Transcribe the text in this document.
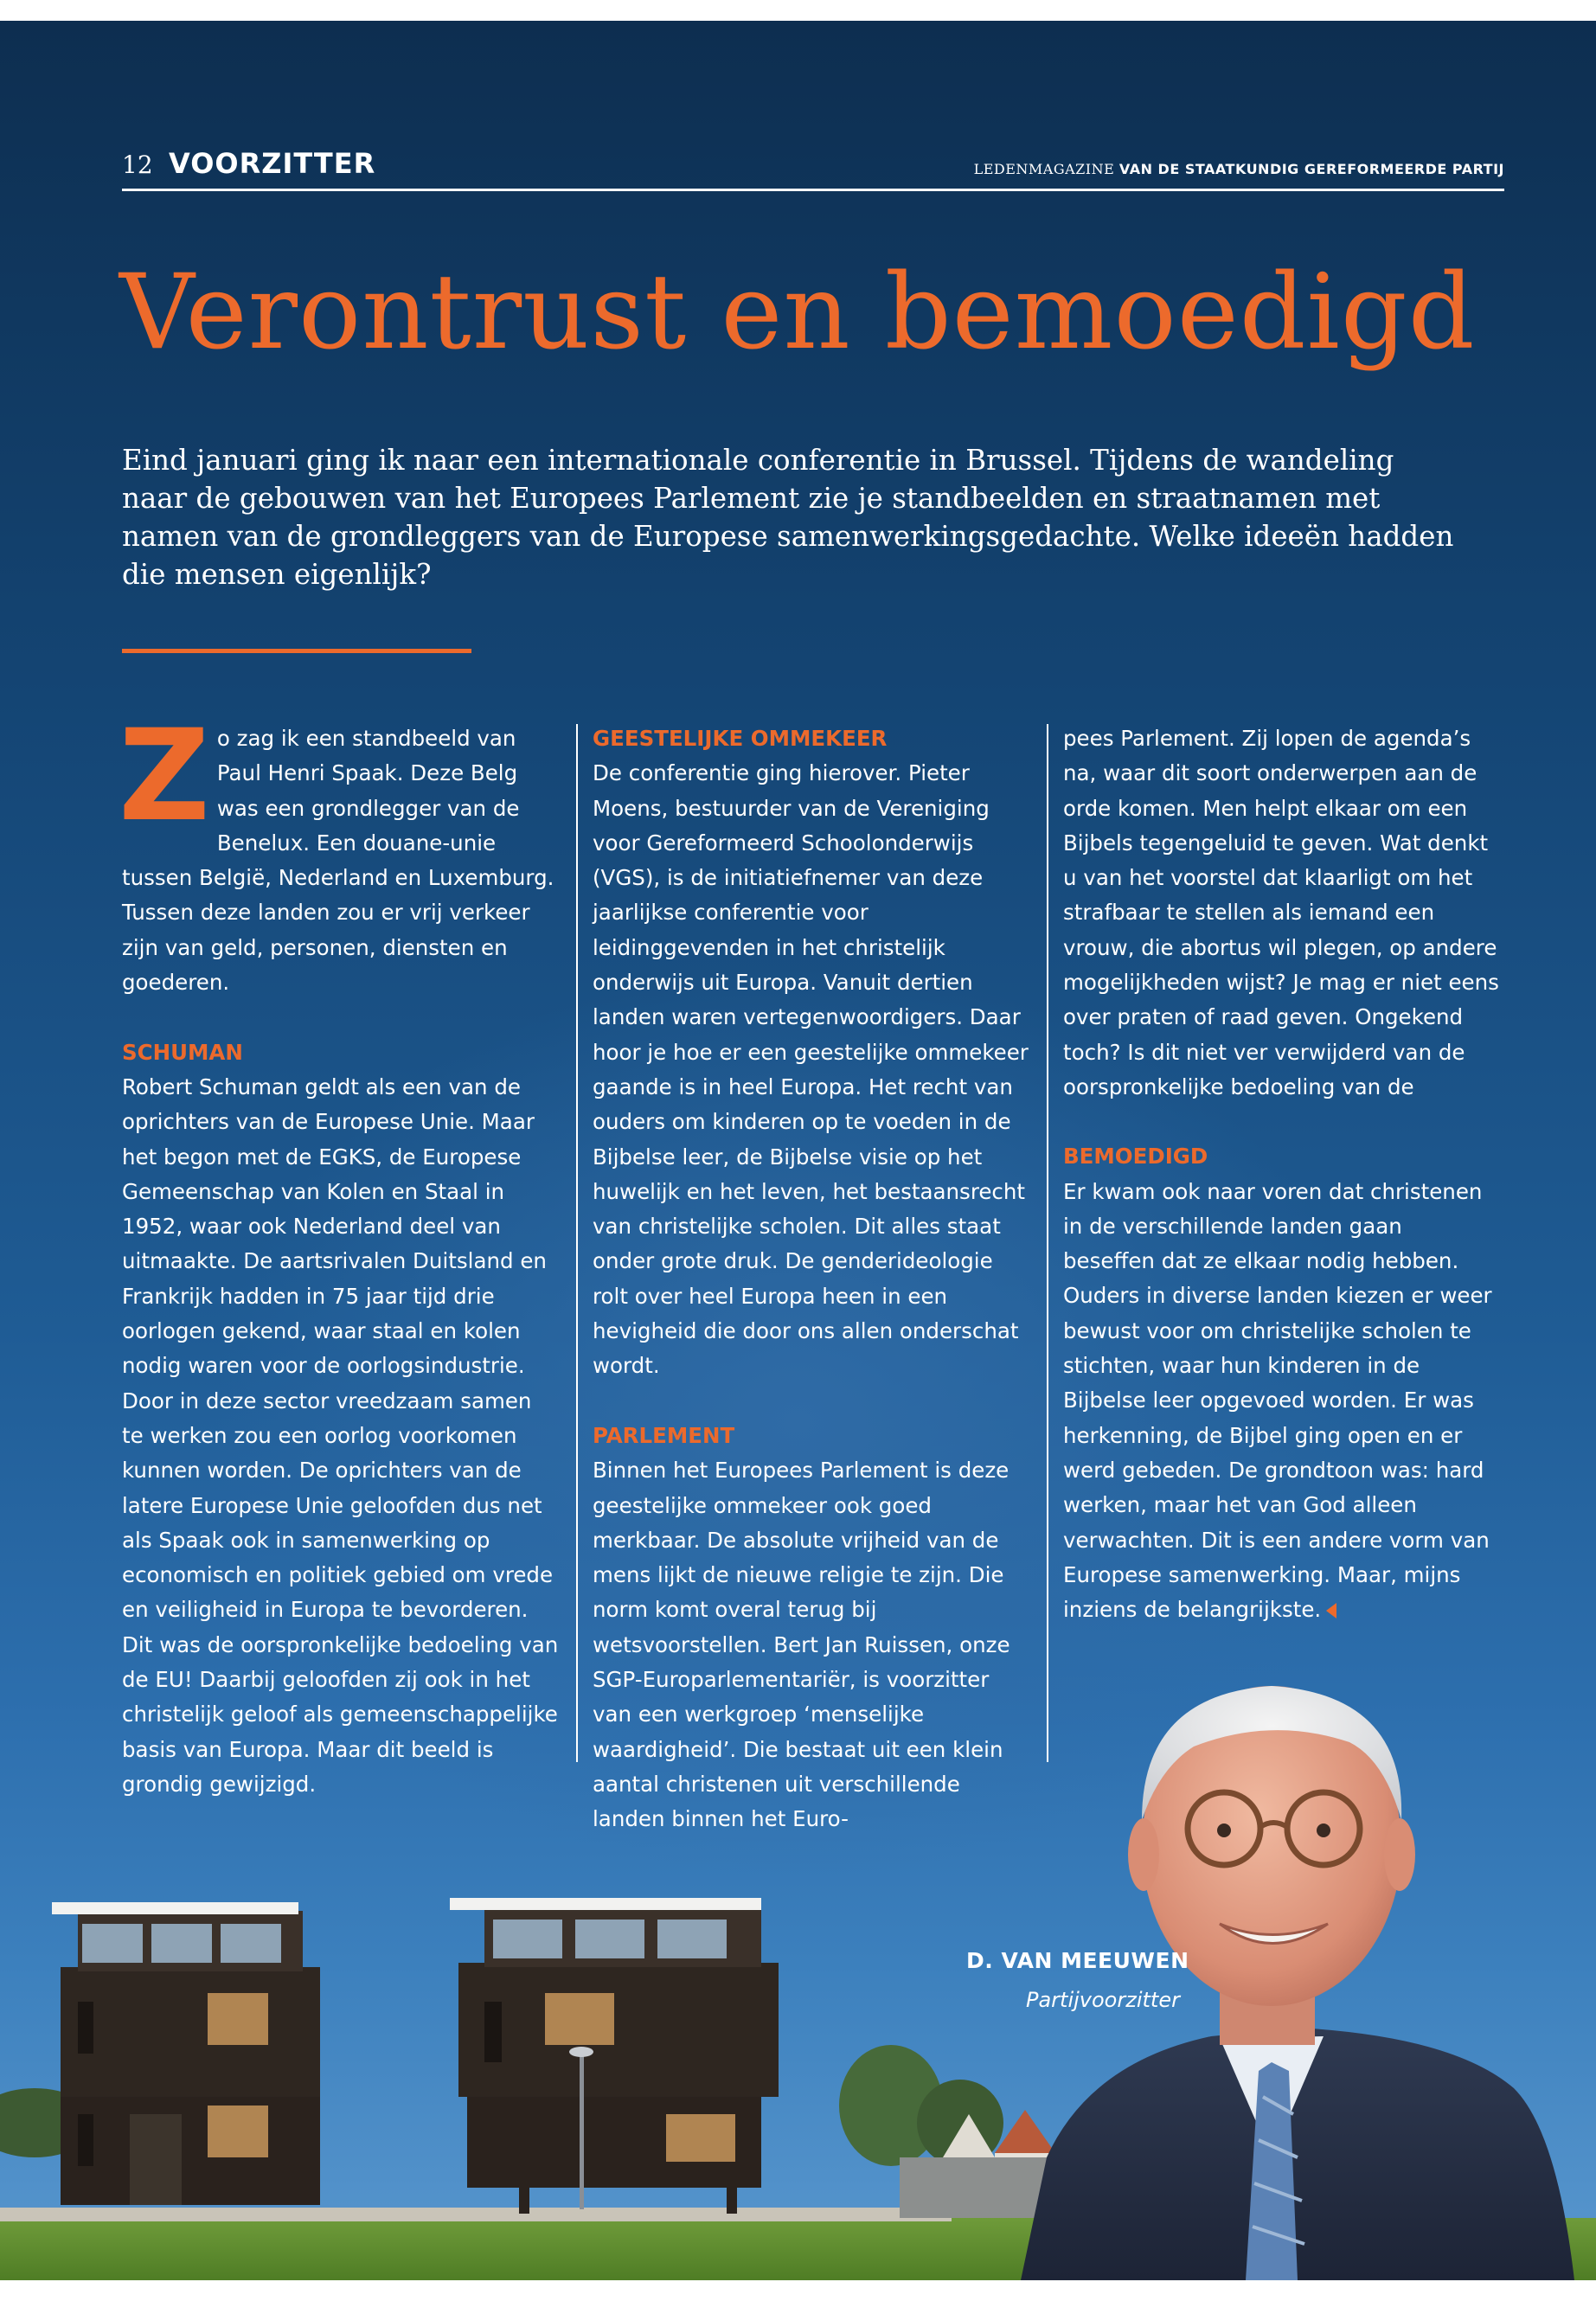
12 VOORZITTER	LEDENMAGAZINE VAN DE STAATKUNDIG GEREFORMEERDE PARTIJ
Verontrust en bemoedigd

Eind januari ging ik naar een internationale conferentie in Brussel. Tijdens de wandeling naar de gebouwen van het Europees Parlement zie je standbeelden en straatnamen met namen van de grondleggers van de Europese samenwerkingsgedachte. Welke ideeën hadden die mensen eigenlijk?

Zo zag ik een standbeeld van Paul Henri Spaak. Deze Belg was een grondlegger van de Benelux. Een douane-unie tussen België, Nederland en Luxemburg. Tussen deze landen zou er vrij verkeer zijn van geld, personen, diensten en goederen.

SCHUMAN

Robert Schuman geldt als een van de oprichters van de Europese Unie. Maar het begon met de EGKS, de Europese Gemeenschap van Kolen en Staal in 1952, waar ook Nederland deel van uitmaakte. De aartsrivalen Duitsland en Frankrijk hadden in 75 jaar tijd drie oorlogen gekend, waar staal en kolen nodig waren voor de oorlogsindustrie. Door in deze sector vreedzaam samen te werken zou een oorlog voorkomen kunnen worden. De oprichters van de latere Europese Unie geloofden dus net als Spaak ook in samenwerking op economisch en politiek gebied om vrede en veiligheid in Europa te bevorderen. Dit was de oorspronkelijke bedoeling van de EU! Daarbij geloofden zij ook in het christelijk geloof als gemeenschappelijke basis van Europa. Maar dit beeld is grondig gewijzigd.

GEESTELIJKE OMMEKEER

De conferentie ging hierover. Pieter Moens, bestuurder van de Vereniging voor Gereformeerd Schoolonderwijs (VGS), is de initiatiefnemer van deze jaarlijkse conferentie voor leidinggevenden in het christelijk onderwijs uit Europa. Vanuit dertien landen waren vertegenwoordigers. Daar hoor je hoe er een geestelijke ommekeer gaande is in heel Europa. Het recht van ouders om kinderen op te voeden in de Bijbelse leer, de Bijbelse visie op het huwelijk en het leven, het bestaansrecht van christelijke scholen. Dit alles staat onder grote druk. De genderideologie rolt over heel Europa heen in een hevigheid die door ons allen onderschat wordt.

PARLEMENT

Binnen het Europees Parlement is deze geestelijke ommekeer ook goed merkbaar. De absolute vrijheid van de mens lijkt de nieuwe religie te zijn. Die norm komt overal terug bij wetsvoorstellen. Bert Jan Ruissen, onze SGP-Europarlementariër, is voorzitter van een werkgroep ‘menselijke waardigheid’. Die bestaat uit een klein aantal christenen uit verschillende landen binnen het Euro-

pees Parlement. Zij lopen de agenda’s na, waar dit soort onderwerpen aan de orde komen. Men helpt elkaar om een Bijbels tegengeluid te geven. Wat denkt u van het voorstel dat klaarligt om het strafbaar te stellen als iemand een vrouw, die abortus wil plegen, op andere mogelijkheden wijst? Je mag er niet eens over praten of raad geven. Ongekend toch? Is dit niet ver verwijderd van de oorspronkelijke bedoeling van de

BEMOEDIGD

Er kwam ook naar voren dat christenen in de verschillende landen gaan beseffen dat ze elkaar nodig hebben. Ouders in diverse landen kiezen er weer bewust voor om christelijke scholen te stichten, waar hun kinderen in de Bijbelse leer opgevoed worden. Er was herkenning, de Bijbel ging open en er werd gebeden. De grondtoon was: hard werken, maar het van God alleen verwachten. Dit is een andere vorm van Europese samenwerking. Maar, mijns inziens de belangrijkste.

D. VAN MEEUWEN
Partijvoorzitter
